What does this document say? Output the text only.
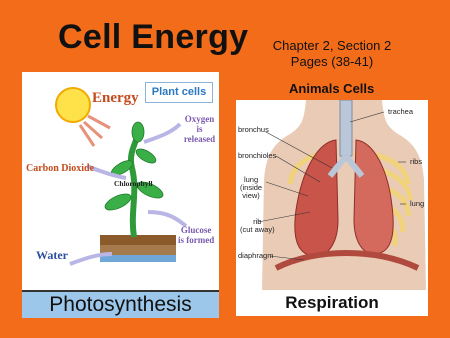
Cell Energy	Chapter 2, Section 2
Pages (38-41)
Animals Cells
Energy
Oxygen
is released
Carbon Dioxide
Chlorophyll
Glucose
is formed
Water
Plant cells
Photosynthesis
trachea
bronchus
bronchioles
lung
(inside
view)
ribs
rib
(cut away)
lung
diaphragm
Respiration
